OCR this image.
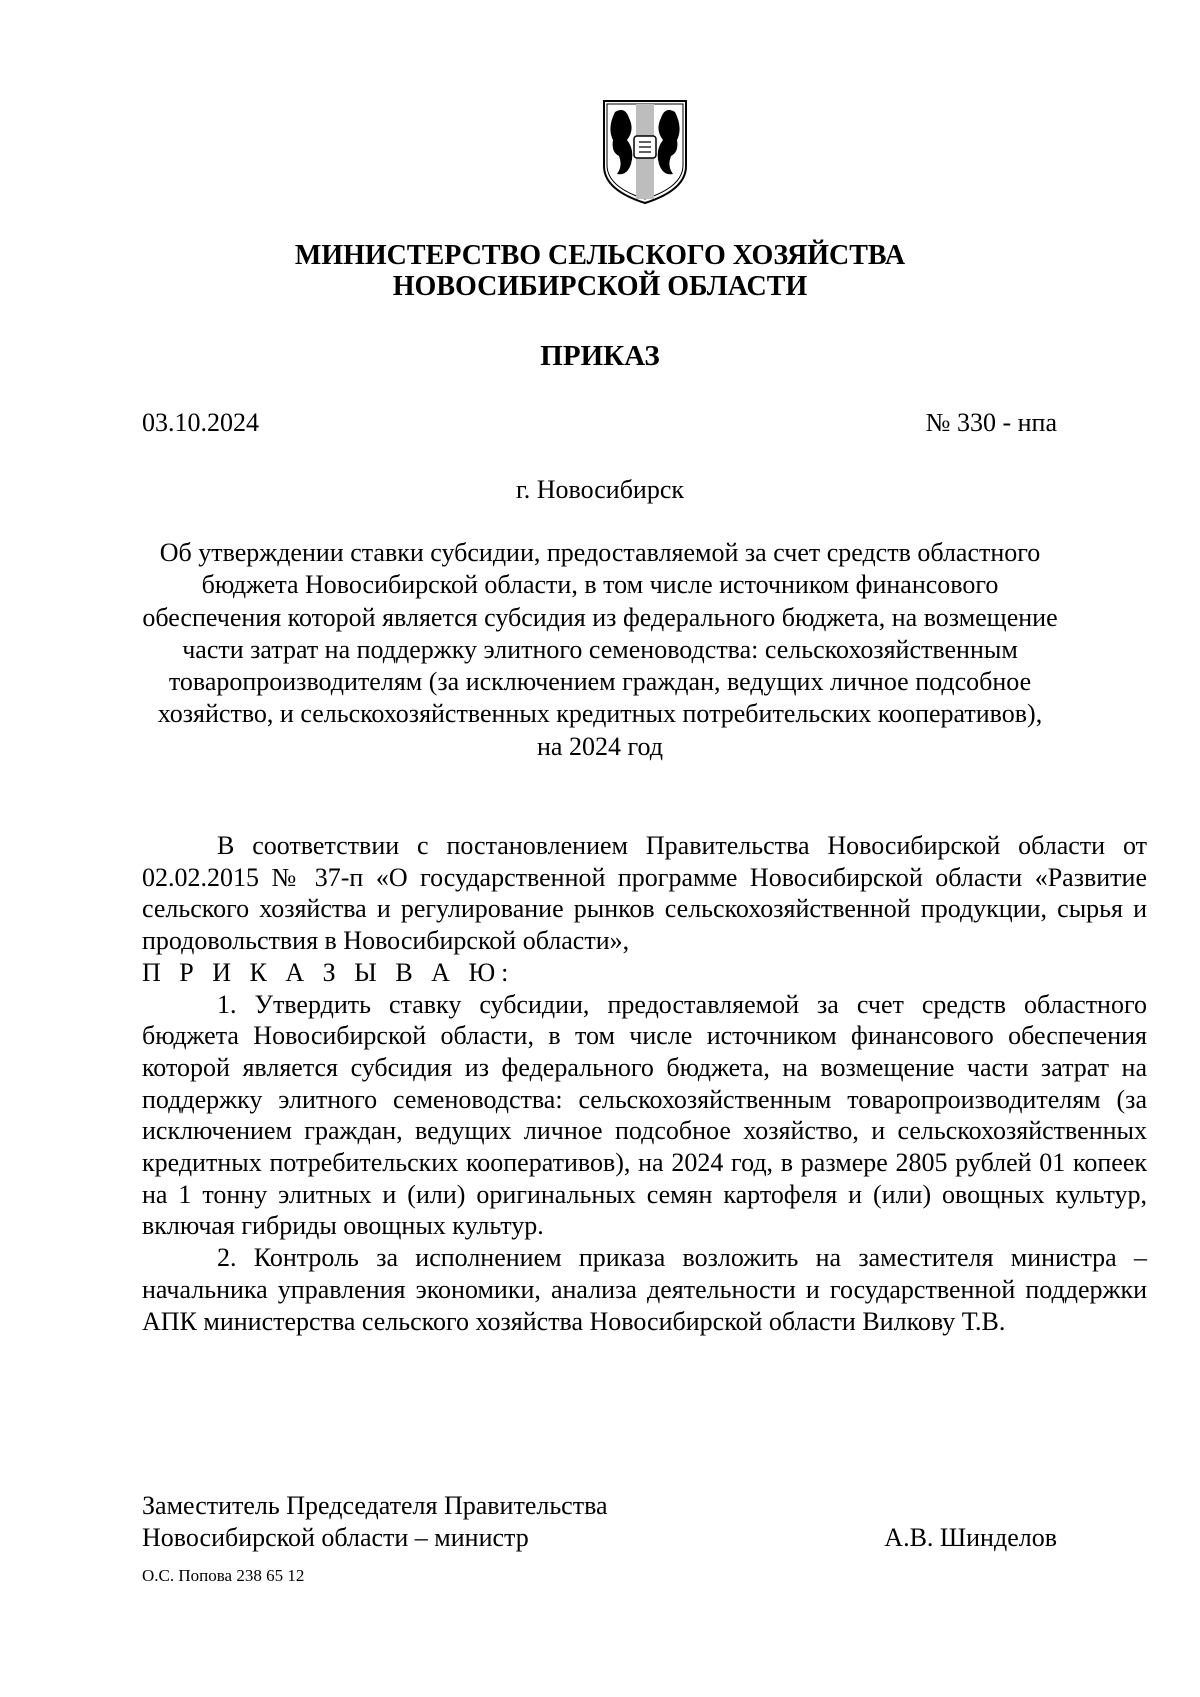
МИНИСТЕРСТВО СЕЛЬСКОГО ХОЗЯЙСТВА
НОВОСИБИРСКОЙ ОБЛАСТИ
ПРИКАЗ
03.10.2024	№ 330 - нпа
г. Новосибирск
Об утверждении ставки субсидии, предоставляемой за счет средств областного
бюджета Новосибирской области, в том числе источником финансового
обеспечения которой является субсидия из федерального бюджета, на возмещение
части затрат на поддержку элитного семеноводства: сельскохозяйственным
товаропроизводителям (за исключением граждан, ведущих личное подсобное
хозяйство, и сельскохозяйственных кредитных потребительских кооперативов),
на 2024 год

В соответствии с постановлением Правительства Новосибирской области от 02.02.2015 № 37-п «О государственной программе Новосибирской области «Развитие сельского хозяйства и регулирование рынков сельскохозяйственной продукции, сырья и продовольствия в Новосибирской области»,

П Р И К А З Ы В А Ю:

1. Утвердить ставку субсидии, предоставляемой за счет средств областного бюджета Новосибирской области, в том числе источником финансового обеспечения которой является субсидия из федерального бюджета, на возмещение части затрат на поддержку элитного семеноводства: сельскохозяйственным товаропроизводителям (за исключением граждан, ведущих личное подсобное хозяйство, и сельскохозяйственных кредитных потребительских кооперативов), на 2024 год, в размере 2805 рублей 01 копеек на 1 тонну элитных и (или) оригинальных семян картофеля и (или) овощных культур, включая гибриды овощных культур.

2. Контроль за исполнением приказа возложить на заместителя министра – начальника управления экономики, анализа деятельности и государственной поддержки АПК министерства сельского хозяйства Новосибирской области Вилкову Т.В.

Заместитель Председателя Правительства
Новосибирской области – министр	А.В. Шинделов
О.С. Попова 238 65 12
